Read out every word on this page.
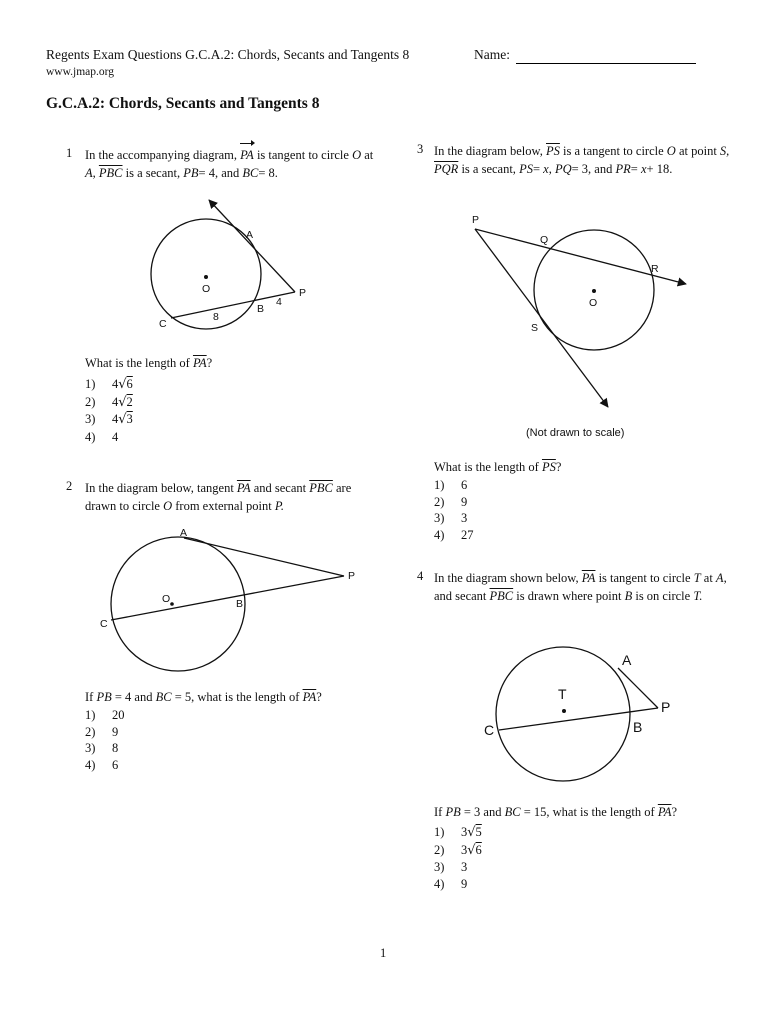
Regents Exam Questions G.C.A.2: Chords, Secants and Tangents 8	Name:
www.jmap.org
G.C.A.2: Chords, Secants and Tangents 8
1 In the accompanying diagram, PA is tangent to circle O at A, $\overline{PBC}$ is a secant, PB= 4, and BC= 8.
A
O	P
C
B
8
4
What is the length of $\overline{PA}$?
1) 4√6
2) 4√2
3) 4√3
4) 4
2 In the diagram below, tangent $\overline{PA}$ and secant $\overline{PBC}$ are drawn to circle O from external point P.
A
O
P
C
B
If PB = 4 and BC = 5, what is the length of $\overline{PA}$?
1) 20
2) 9
3) 8
4) 6
3 In the diagram below, $\overline{PS}$ is a tangent to circle O at point S, $\overline{PQR}$ is a secant, PS= x, PQ= 3, and PR= x+ 18.
P
Q
R
O
S
(Not drawn to scale)
What is the length of $\overline{PS}$?
1) 6
2) 9
3) 3
4) 27
4 In the diagram shown below, $\overline{PA}$ is tangent to circle T at A, and secant $\overline{PBC}$ is drawn where point B is on circle T.
A
T
P
C	B
If PB = 3 and BC = 15, what is the length of $\overline{PA}$?
1) 3√5
2) 3√6
3) 3
4) 9
1
